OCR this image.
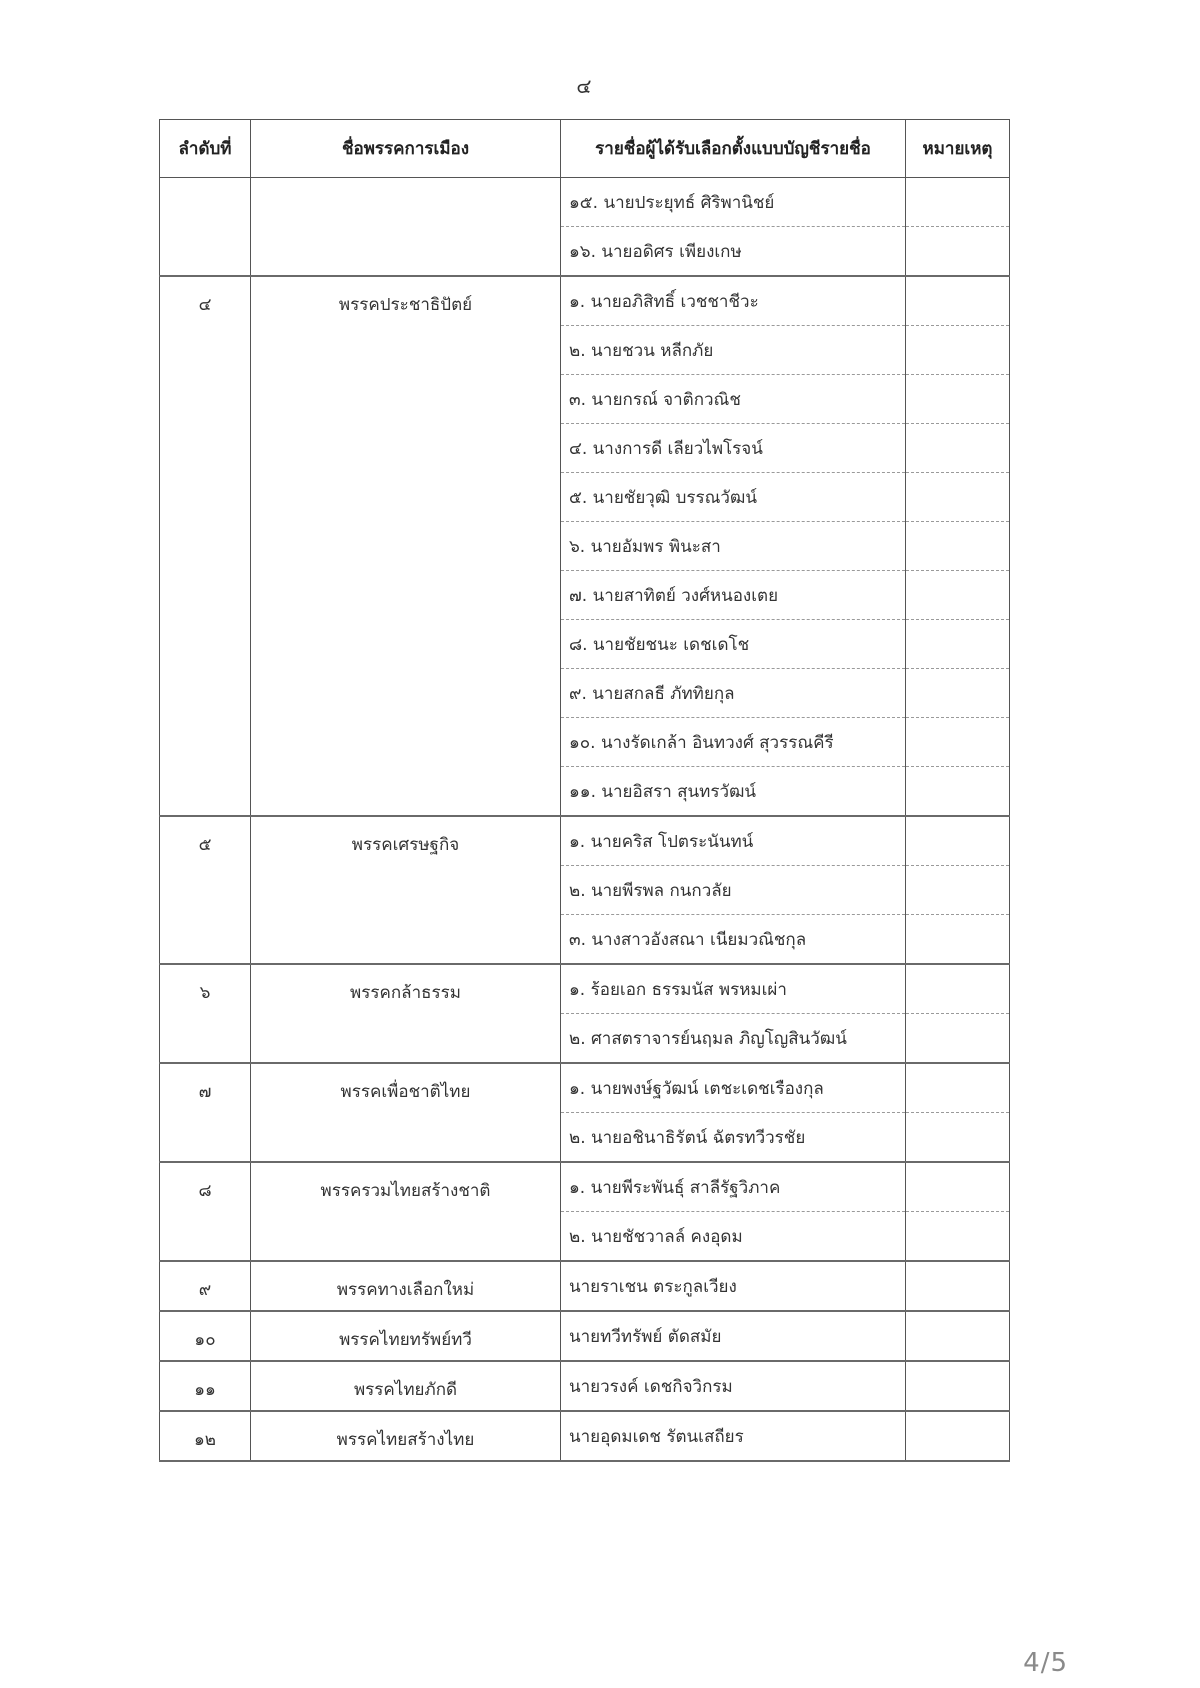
๔
ลำดับที่	ชื่อพรรคการเมือง	รายชื่อผู้ได้รับเลือกตั้งแบบบัญชีรายชื่อ	หมายเหตุ
		๑๕. นายประยุทธ์ ศิริพานิชย์	
		๑๖. นายอดิศร เพียงเกษ	
๔	พรรคประชาธิปัตย์	๑. นายอภิสิทธิ์ เวชชาชีวะ	
		๒. นายชวน หลีกภัย	
		๓. นายกรณ์ จาติกวณิช	
		๔. นางการดี เลียวไพโรจน์	
		๕. นายชัยวุฒิ บรรณวัฒน์	
		๖. นายอัมพร พินะสา	
		๗. นายสาทิตย์ วงศ์หนองเตย	
		๘. นายชัยชนะ เดชเดโช	
		๙. นายสกลธี ภัททิยกุล	
		๑๐. นางรัดเกล้า อินทวงศ์ สุวรรณคีรี	
		๑๑. นายอิสรา สุนทรวัฒน์	
๕	พรรคเศรษฐกิจ	๑. นายคริส โปตระนันทน์	
		๒. นายพีรพล กนกวลัย	
		๓. นางสาวอังสณา เนียมวณิชกุล	
๖	พรรคกล้าธรรม	๑. ร้อยเอก ธรรมนัส พรหมเผ่า	
		๒. ศาสตราจารย์นฤมล ภิญโญสินวัฒน์	
๗	พรรคเพื่อชาติไทย	๑. นายพงษ์ฐวัฒน์ เตชะเดชเรืองกุล	
		๒. นายอชินาธิรัตน์ ฉัตรทวีวรชัย	
๘	พรรครวมไทยสร้างชาติ	๑. นายพีระพันธุ์ สาลีรัฐวิภาค	
		๒. นายชัชวาลล์ คงอุดม	
๙	พรรคทางเลือกใหม่	นายราเชน ตระกูลเวียง	
๑๐	พรรคไทยทรัพย์ทวี	นายทวีทรัพย์ ตัดสมัย	
๑๑	พรรคไทยภักดี	นายวรงค์ เดชกิจวิกรม	
๑๒	พรรคไทยสร้างไทย	นายอุดมเดช รัตนเสถียร	
4/5
